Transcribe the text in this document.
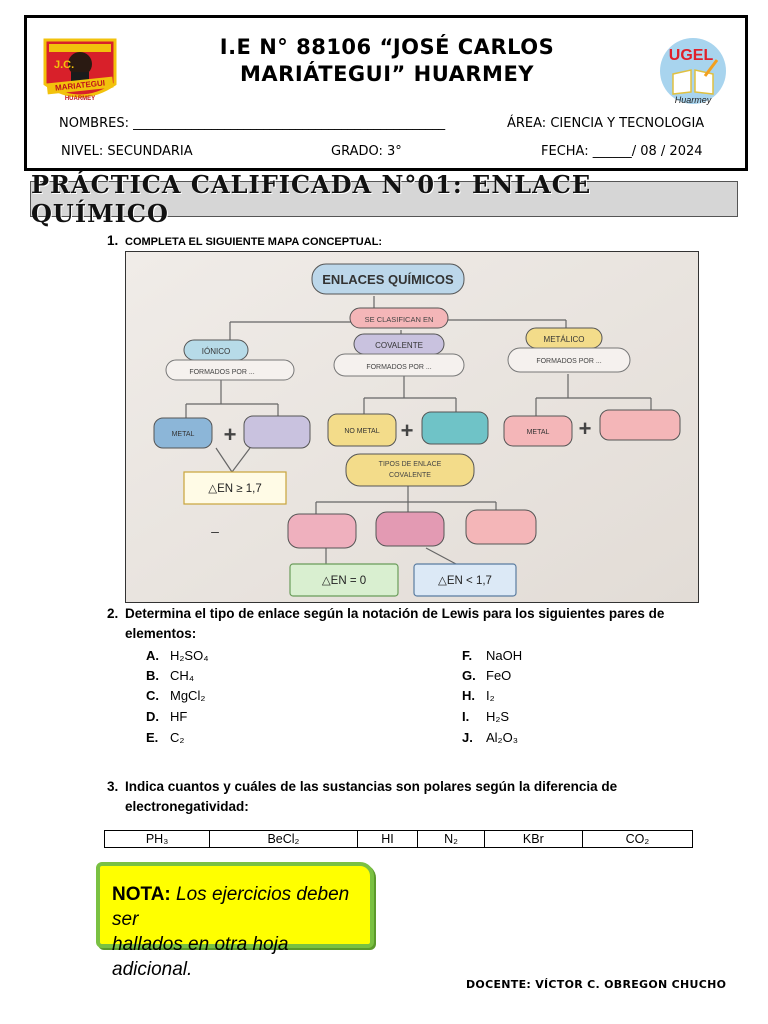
J.C.
MARIATEGUI
HUARMEY
I.E N° 88106 “JOSÉ CARLOS
MARIÁTEGUI” HUARMEY
UGEL
Huarmey
NOMBRES: ________________________________________________	ÁREA: CIENCIA Y TECNOLOGIA
NIVEL: SECUNDARIA	GRADO: 3°	FECHA: ______/ 08 / 2024
PRÁCTICA CALIFICADA N°01: ENLACE QUÍMICO
1. COMPLETA EL SIGUIENTE MAPA CONCEPTUAL:
ENLACES QUÍMICOS
SE CLASIFICAN EN
IÓNICO
FORMADOS POR ...
COVALENTE
FORMADOS POR ...
METÁLICO
FORMADOS POR ...
METAL +	NO METAL +	METAL +
△EN ≥ 1,7
–
TIPOS DE ENLACE
COVALENTE
△EN = 0	△EN < 1,7
2. Determina el tipo de enlace según la notación de Lewis para los siguientes pares de
elementos:
A. H₂SO₄
B. CH₄
C. MgCl₂
D. HF
E. C₂
F. NaOH
G. FeO
H. I₂
I. H₂S
J. Al₂O₃
3. Indica cuantos y cuáles de las sustancias son polares según la diferencia de
electronegatividad:
PH₃	BeCl₂	HI	N₂	KBr	CO₂
NOTA: Los ejercicios deben ser
hallados en otra hoja adicional.
DOCENTE: VÍCTOR C. OBREGON CHUCHO
